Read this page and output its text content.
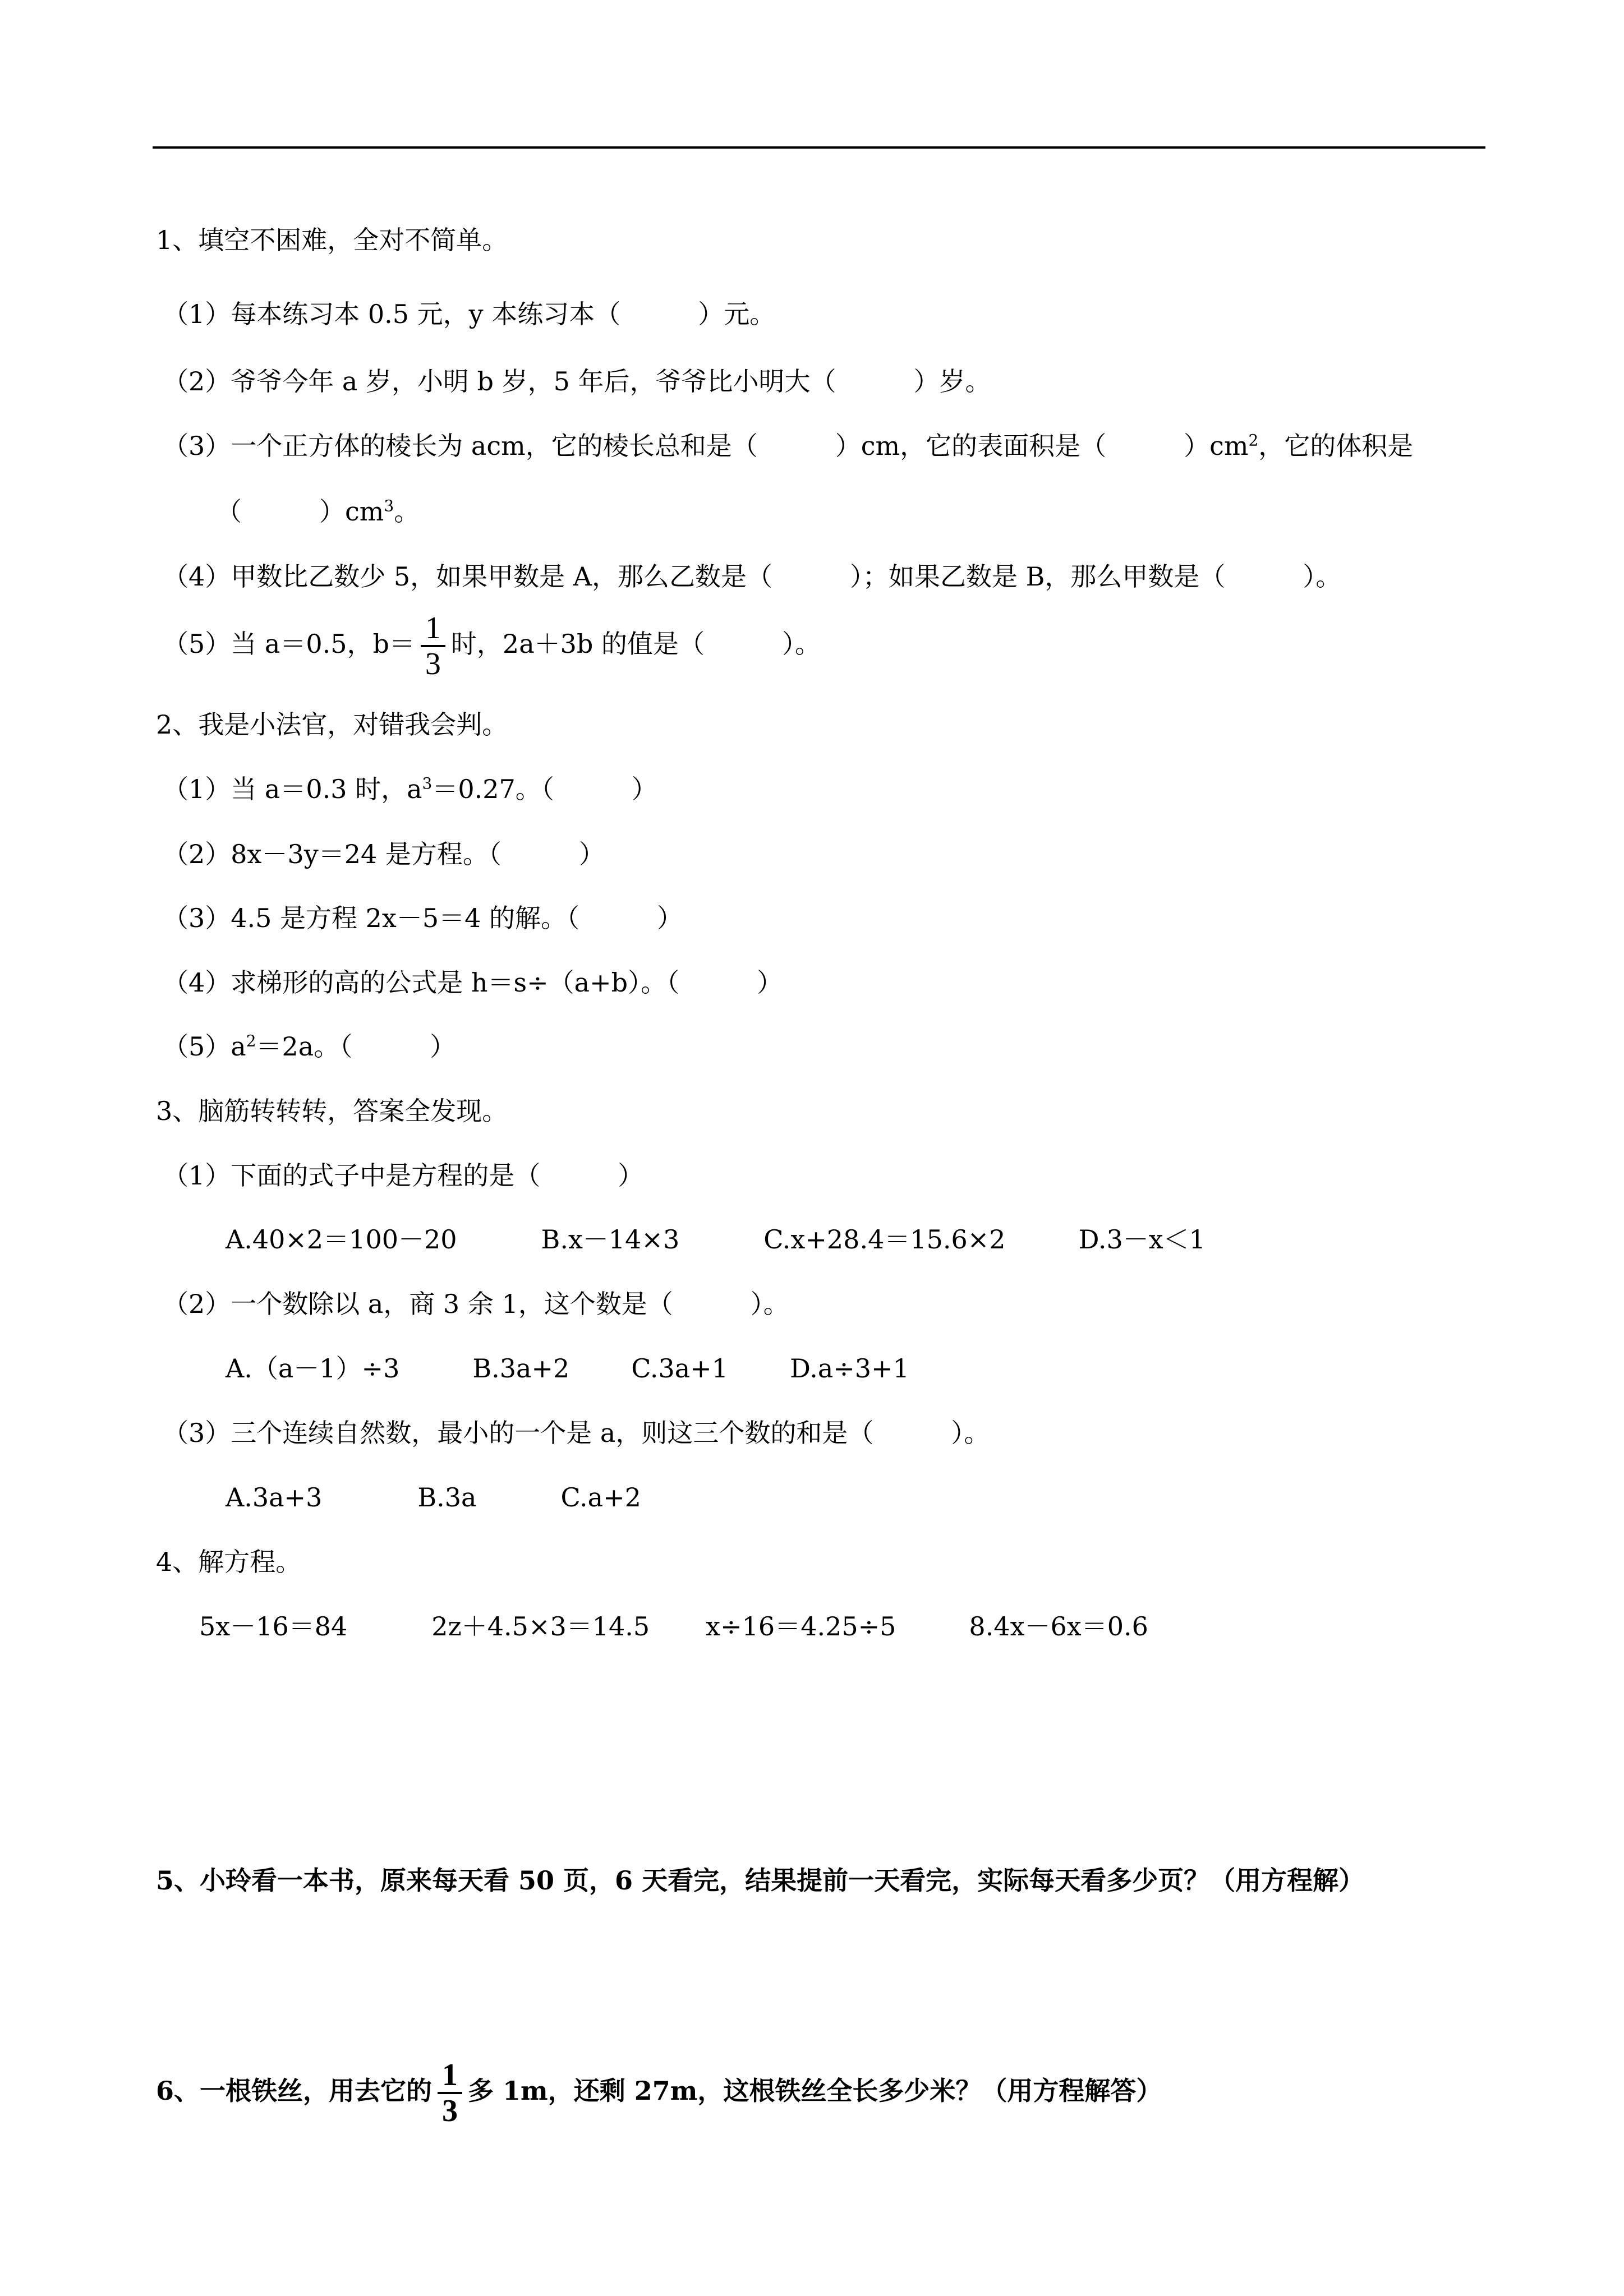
1、填空不困难，全对不简单。
（1）每本练习本 0.5 元，y 本练习本（　　　）元。
（2）爷爷今年 a 岁，小明 b 岁，5 年后，爷爷比小明大（　　　）岁。
（3）一个正方体的棱长为 acm，它的棱长总和是（　　　）cm，它的表面积是（　　　）$cm^2$，它的体积是
（　　　）$cm^3$。
（4）甲数比乙数少 5，如果甲数是 A，那么乙数是（　　　）；如果乙数是 B，那么甲数是（　　　）。
（5）当 a＝0.5，$b= \frac{1}{3}$ 时，2a＋3b 的值是（　　　）。
2、我是小法官，对错我会判。
（1）当 a＝0.3 时，$a^3=0.27$。（　　　）
（2）8x－3y＝24 是方程。（　　　）
（3）4.5 是方程 2x－5＝4 的解。（　　　）
（4）求梯形的高的公式是 h＝s÷（a+b）。（　　　）
$(5)a^2=2a$。（　　　）
3、脑筋转转转，答案全发现。
（1）下面的式子中是方程的是（　　　）
A.40×2＝100－20	B.x－14×3	C.x+28.4＝15.6×2	D.3－x＜1
（2）一个数除以 a，商 3 余 1，这个数是（　　　）。
A.（a－1）÷3	B.3a+2 C.3a+1 D.a÷3+1
（3）三个连续自然数，最小的一个是 a，则这三个数的和是（　　　）。
A.3a+3	B.3a	C.a+2
4、解方程。
5x－16＝84	2z＋4.5×3＝14.5 x÷16＝4.25÷5	8.4x－6x＝0.6
5、小玲看一本书，原来每天看 50 页，6 天看完，结果提前一天看完，实际每天看多少页？（用方程解）
6、一根铁丝，用去它的 $\frac{1}{3}$ 多 1m，还剩 27m，这根铁丝全长多少米？（用方程解答）
